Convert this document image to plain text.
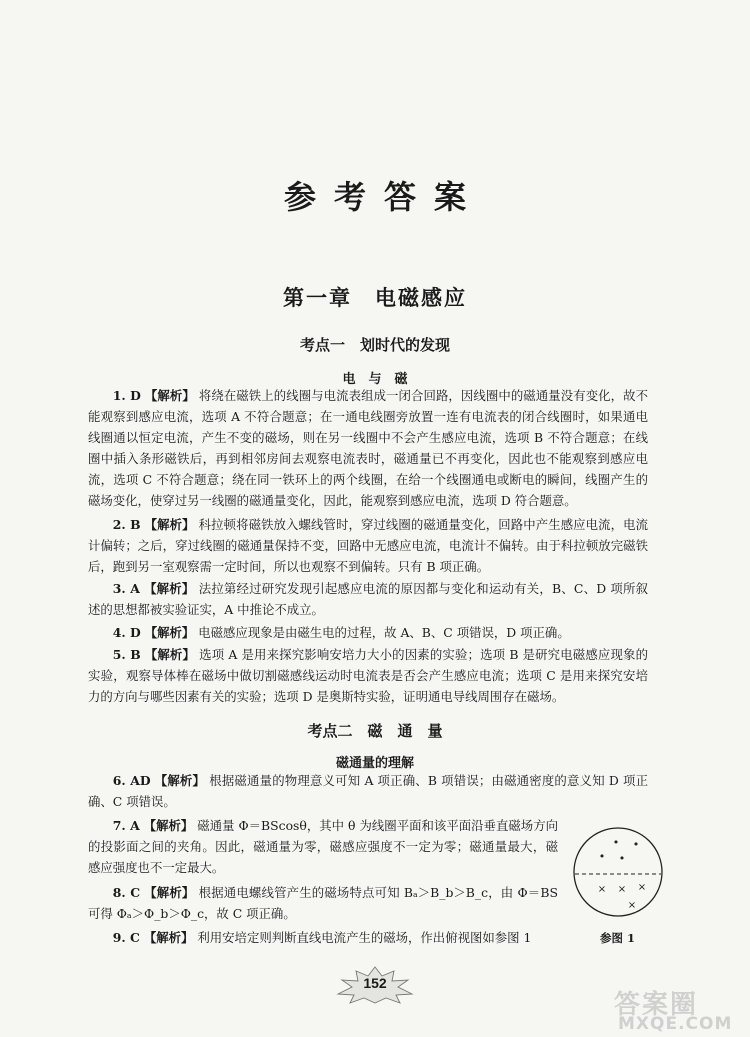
参考答案
第一章　电磁感应
考点一　划时代的发现
电　与　磁
1. D 【解析】 将绕在磁铁上的线圈与电流表组成一闭合回路，因线圈中的磁通量没有变化，故不能观察到感应电流，选项 A 不符合题意；在一通电线圈旁放置一连有电流表的闭合线圈时，如果通电线圈通以恒定电流，产生不变的磁场，则在另一线圈中不会产生感应电流，选项 B 不符合题意；在线圈中插入条形磁铁后，再到相邻房间去观察电流表时，磁通量已不再变化，因此也不能观察到感应电流，选项 C 不符合题意；绕在同一铁环上的两个线圈，在给一个线圈通电或断电的瞬间，线圈产生的磁场变化，使穿过另一线圈的磁通量变化，因此，能观察到感应电流，选项 D 符合题意。
2. B 【解析】 科拉顿将磁铁放入螺线管时，穿过线圈的磁通量变化，回路中产生感应电流，电流计偏转；之后，穿过线圈的磁通量保持不变，回路中无感应电流，电流计不偏转。由于科拉顿放完磁铁后，跑到另一室观察需一定时间，所以也观察不到偏转。只有 B 项正确。
3. A 【解析】 法拉第经过研究发现引起感应电流的原因都与变化和运动有关，B、C、D 项所叙述的思想都被实验证实，A 中推论不成立。
4. D 【解析】 电磁感应现象是由磁生电的过程，故 A、B、C 项错误，D 项正确。
5. B 【解析】 选项 A 是用来探究影响安培力大小的因素的实验；选项 B 是研究电磁感应现象的实验，观察导体棒在磁场中做切割磁感线运动时电流表是否会产生感应电流；选项 C 是用来探究安培力的方向与哪些因素有关的实验；选项 D 是奥斯特实验，证明通电导线周围存在磁场。
考点二　磁　通　量
磁通量的理解
6. AD 【解析】 根据磁通量的物理意义可知 A 项正确、B 项错误；由磁通密度的意义知 D 项正确、C 项错误。
7. A 【解析】 磁通量 Φ＝BScosθ，其中 θ 为线圈平面和该平面沿垂直磁场方向的投影面之间的夹角。因此，磁通量为零，磁感应强度不一定为零；磁通量最大，磁感应强度也不一定最大。
8. C 【解析】 根据通电螺线管产生的磁场特点可知 Bₐ＞B_b＞B_c，由 Φ＝BS 可得 Φₐ＞Φ_b＞Φ_c，故 C 项正确。
9. C 【解析】 利用安培定则判断直线电流产生的磁场，作出俯视图如参图 1
• •
• •
× × ×
×
参图 1
152
答案圈
MXQE.COM
